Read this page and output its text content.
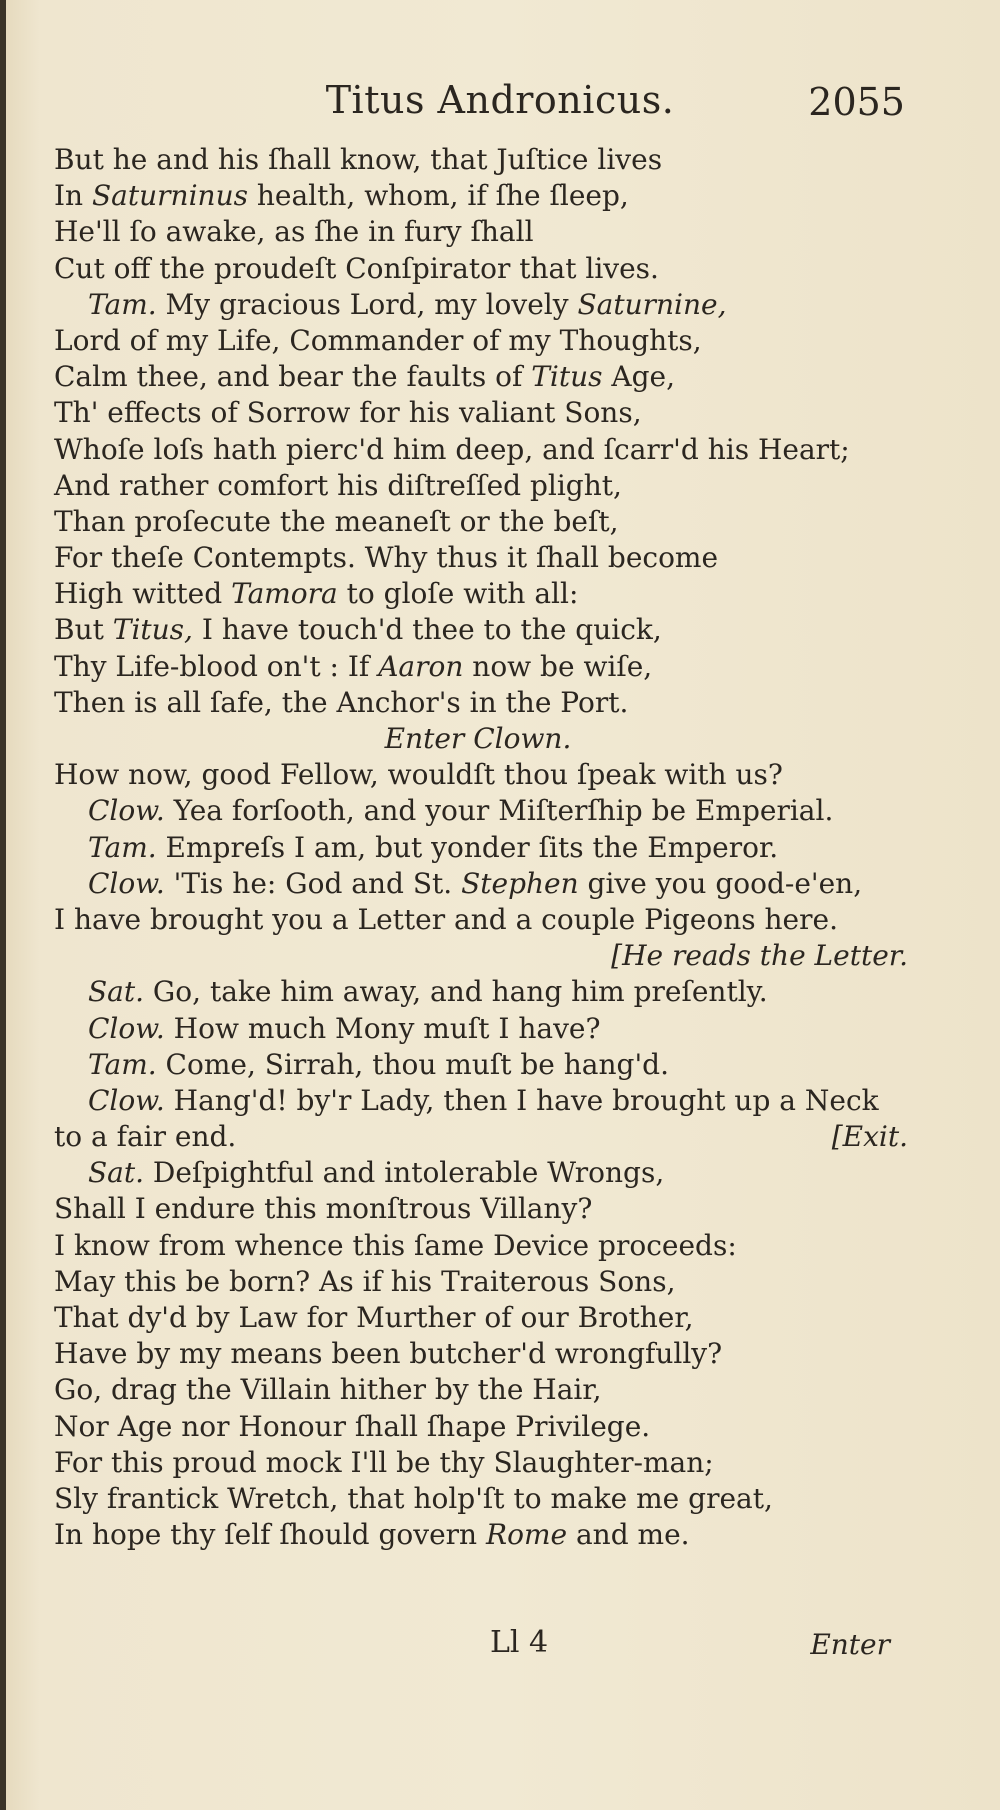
Titus Andronicus.	2055
But he and his ſhall know, that Juſtice lives
In Saturninus health, whom, if ſhe ſleep,
He'll ſo awake, as ſhe in fury ſhall
Cut off the proudeſt Conſpirator that lives.
Tam. My gracious Lord, my lovely Saturnine,
Lord of my Life, Commander of my Thoughts,
Calm thee, and bear the faults of Titus Age,
Th' effects of Sorrow for his valiant Sons,
Whoſe loſs hath pierc'd him deep, and ſcarr'd his Heart;
And rather comfort his diſtreſſed plight,
Than proſecute the meaneſt or the beſt,
For theſe Contempts. Why thus it ſhall become
High witted Tamora to gloſe with all:
But Titus, I have touch'd thee to the quick,
Thy Life-blood on't : If Aaron now be wiſe,
Then is all ſafe, the Anchor's in the Port.
Enter Clown.
How now, good Fellow, wouldſt thou ſpeak with us?
Clow. Yea forſooth, and your Miſterſhip be Emperial.
Tam. Empreſs I am, but yonder ſits the Emperor.
Clow. 'Tis he: God and St. Stephen give you good-e'en,
I have brought you a Letter and a couple Pigeons here.
[He reads the Letter.
Sat. Go, take him away, and hang him preſently.
Clow. How much Mony muſt I have?
Tam. Come, Sirrah, thou muſt be hang'd.
Clow. Hang'd! by'r Lady, then I have brought up a Neck
to a fair end.	[Exit.
Sat. Deſpightful and intolerable Wrongs,
Shall I endure this monſtrous Villany?
I know from whence this ſame Device proceeds:
May this be born? As if his Traiterous Sons,
That dy'd by Law for Murther of our Brother,
Have by my means been butcher'd wrongfully?
Go, drag the Villain hither by the Hair,
Nor Age nor Honour ſhall ſhape Privilege.
For this proud mock I'll be thy Slaughter-man;
Sly frantick Wretch, that holp'ſt to make me great,
In hope thy ſelf ſhould govern Rome and me.
Ll 4	Enter
